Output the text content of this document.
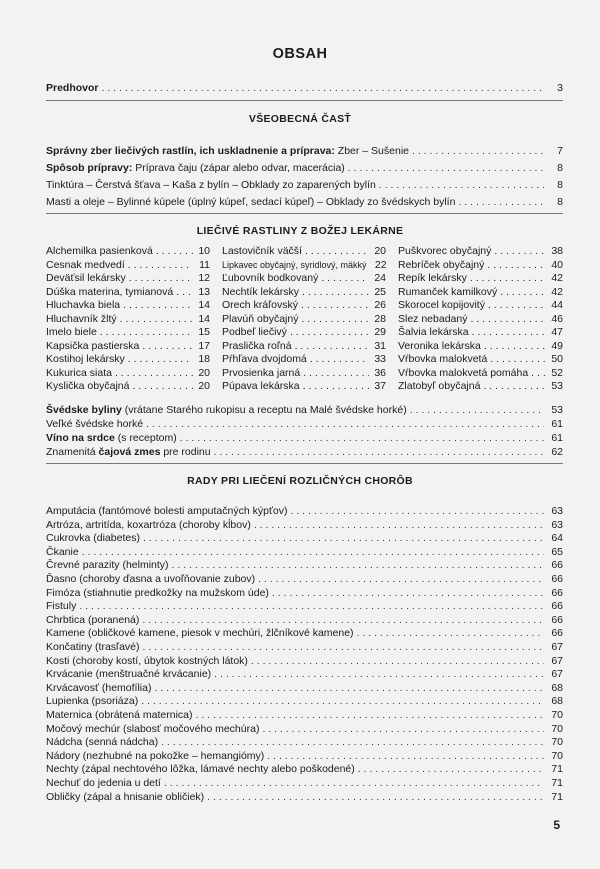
OBSAH
Predhovor . . .	3
VŠEOBECNÁ ČASŤ
Správny zber liečivých rastlín, ich uskladnenie a príprava: Zber – Sušenie . . .	7
Spôsob prípravy: Príprava čaju (zápar alebo odvar, macerácia) . . .	8
Tinktúra – Čerstvá šťava – Kaša z bylín – Obklady zo zaparených bylín . . .	8
Masti a oleje – Bylinné kúpele (úplný kúpeľ, sedací kúpeľ) – Obklady zo švédskych bylín . . .	8
LIEČIVÉ RASTLINY Z BOŽEJ LEKÁRNE
Alchemilka pasienková . . .	10
Cesnak medvedí . . .	11
Deväťsil lekársky . . .	12
Dúška materina, tymianová . . . 13
Hluchavka biela . . .	14
Hluchavník žltý . . .	14
Imelo biele . . .	15
Kapsička pastierska . . .	17
Kostihoj lekársky . . .	18
Kukurica siata . . .	20
Kyslička obyčajná . . .	20
Lastovičník väčší . . .	20
Lipkavec obyčajný, syridlový, mäkký 22
Ľubovník bodkovaný . . .	24
Nechtík lekársky . . .	25
Orech kráľovský . . .	26
Plavúň obyčajný . . .	28
Podbeľ liečivý . . .	29
Praslička roľná . . .	31
Pŕhľava dvojdomá . . .	33
Prvosienka jarná . . .	36
Púpava lekárska . . .	37
Puškvorec obyčajný . . .	38
Rebríček obyčajný . . .	40
Repík lekársky . . .	42
Rumanček kamilkový . . .	42
Skorocel kopijovitý . . .	44
Slez nebadaný . . .	46
Šalvia lekárska . . .	47
Veronika lekárska . . .	49
Vŕbovka malokvetá . . .	50
Vŕbovka malokvetá pomáha . . . 52
Zlatobyľ obyčajná . . .	53
Švédske byliny (vrátane Starého rukopisu a receptu na Malé švédske horké) . . .	53
Veľké švédske horké . . .	61
Víno na srdce (s receptom) . . .	61
Znamenitá čajová zmes pre rodinu . . .	62
RADY PRI LIEČENÍ ROZLIČNÝCH CHORÔB
Amputácia (fantómové bolesti amputačných kýpťov) . . .	63
Artróza, artritída, koxartróza (choroby kĺbov) . . .	63
Cukrovka (diabetes) . . .	64
Čkanie . . .	65
Črevné parazity (helminty) . . .	66
Ďasno (choroby ďasna a uvoľňovanie zubov) . . .	66
Fimóza (stiahnutie predkožky na mužskom úde) . . .	66
Fistuly . . .	66
Chrbtica (poranená) . . .	66
Kamene (obličkové kamene, piesok v mechúri, žlčníkové kamene) . . .	66
Končatiny (trasľavé) . . .	67
Kosti (choroby kostí, úbytok kostných látok) . . .	67
Krvácanie (menštruačné krvácanie) . . .	67
Krvácavosť (hemofília) . . .	68
Lupienka (psoriáza) . . .	68
Maternica (obrátená maternica) . . .	70
Močový mechúr (slabosť močového mechúra) . . .	70
Nádcha (senná nádcha) . . .	70
Nádory (nezhubné na pokožke – hemangiómy) . . .	70
Nechty (zápal nechtového lôžka, lámavé nechty alebo poškodené) . . .	71
Nechuť do jedenia u detí . . .	71
Obličky (zápal a hnisanie obličiek) . . .	71
5
